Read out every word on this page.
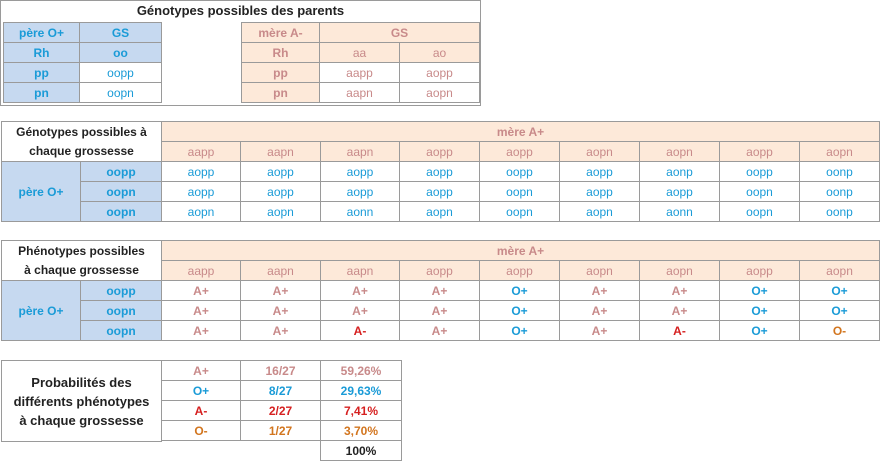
Génotypes possibles des parents
père O+	GS
Rh	oo
pp	oopp
pn	oopn
mère A-	GS	
Rh	aa	ao
pp	aapp	aopp
pn	aapn	aopn
Génotypes possibles à
chaque grossesse		mère A+								
		aapp	aapn	aapn	aopp	aopp	aopn	aopn	aopp	aopn
père O+	oopp	aopp	aopp	aopp	aopp	oopp	aopp	aonp	oopp	oonp
	oopn	aopp	aopp	aopp	aopp	oopn	aopp	aopp	oopn	oonp
	oopn	aopn	aopn	aonn	aopn	oopn	aopn	aonn	oopn	oonp
Phénotypes possibles
à chaque grossesse		mère A+								
		aapp	aapn	aapn	aopp	aopp	aopn	aopn	aopp	aopn
père O+	oopp	A+	A+	A+	A+	O+	A+	A+	O+	O+
	oopn	A+	A+	A+	A+	O+	A+	A+	O+	O+
	oopn	A+	A+	A-	A+	O+	A+	A-	O+	O-
Probabilités des
différents phénotypes
à chaque grossesse
A+	16/27	59,26%
O+	8/27	29,63%
A-	2/27	7,41%
O-	1/27	3,70%
		100%
